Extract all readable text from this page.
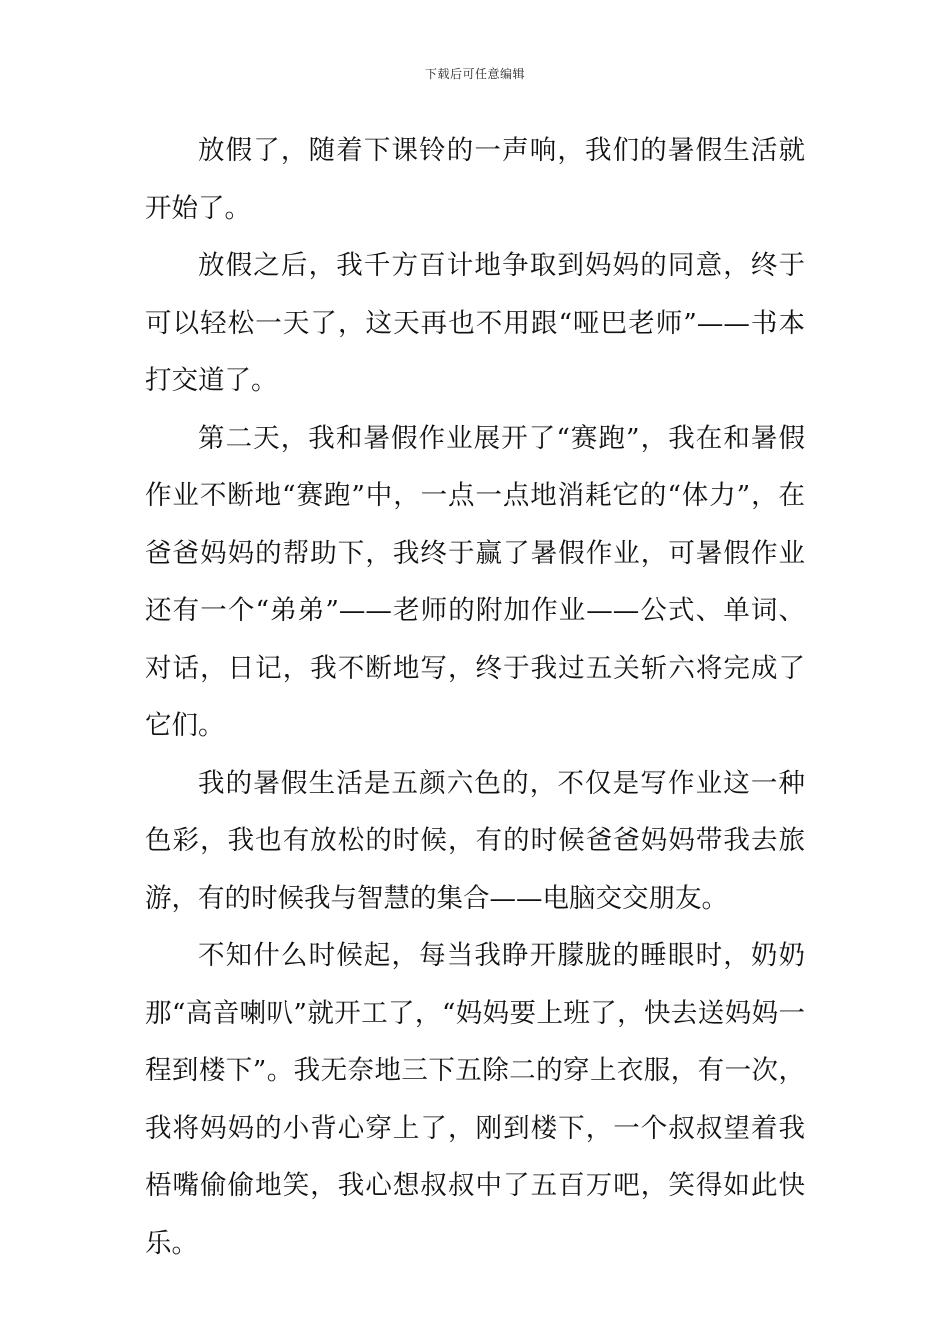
下载后可任意编辑

放假了，随着下课铃的一声响，我们的暑假生活就开始了。

放假之后，我千方百计地争取到妈妈的同意，终于可以轻松一天了，这天再也不用跟“哑巴老师”——书本打交道了。

第二天，我和暑假作业展开了“赛跑”，我在和暑假作业不断地“赛跑”中，一点一点地消耗它的“体力”，在爸爸妈妈的帮助下，我终于赢了暑假作业，可暑假作业还有一个“弟弟”——老师的附加作业——公式、单词、对话，日记，我不断地写，终于我过五关斩六将完成了它们。

我的暑假生活是五颜六色的，不仅是写作业这一种色彩，我也有放松的时候，有的时候爸爸妈妈带我去旅游，有的时候我与智慧的集合——电脑交交朋友。

不知什么时候起，每当我睁开朦胧的睡眼时，奶奶那“高音喇叭”就开工了，“妈妈要上班了，快去送妈妈一程到楼下”。我无奈地三下五除二的穿上衣服，有一次，我将妈妈的小背心穿上了，刚到楼下，一个叔叔望着我梧嘴偷偷地笑，我心想叔叔中了五百万吧，笑得如此快乐。
